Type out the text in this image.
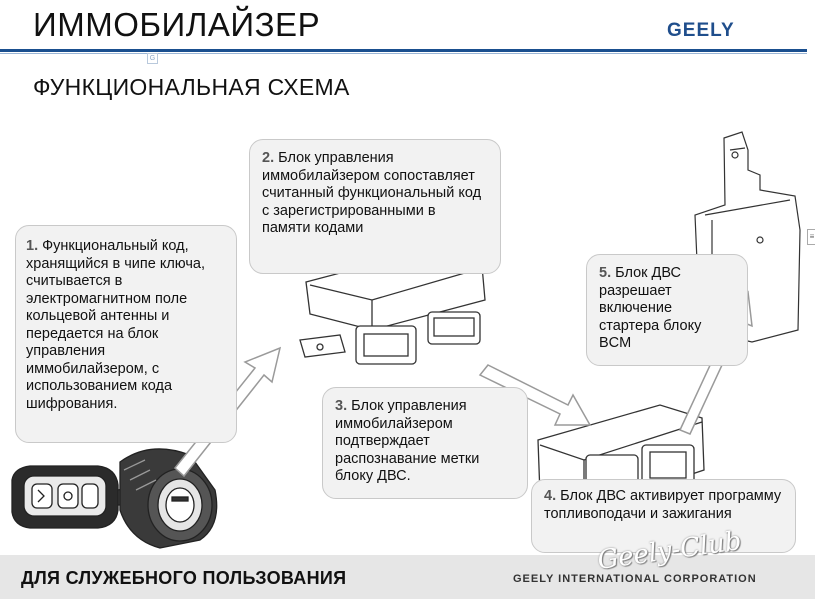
ИММОБИЛАЙЗЕР	GEELY
G
ФУНКЦИОНАЛЬНАЯ СХЕМА
≡
1. Функциональный код, хранящийся в чипе ключа, считывается в электромагнитном поле кольцевой антенны и передается на блок управления иммобилайзером, с использованием кода шифрования.
2. Блок управления иммобилайзером сопоставляет считанный функциональный код с зарегистрированными в памяти кодами
3. Блок управления иммобилайзером подтверждает распознавание метки блоку ДВС.
5. Блок ДВС разрешает включение стартера блоку BCM
4. Блок ДВС активирует программу топливоподачи и зажигания
ДЛЯ СЛУЖЕБНОГО ПОЛЬЗОВАНИЯ	GEELY INTERNATIONAL CORPORATION
Geely-Club
